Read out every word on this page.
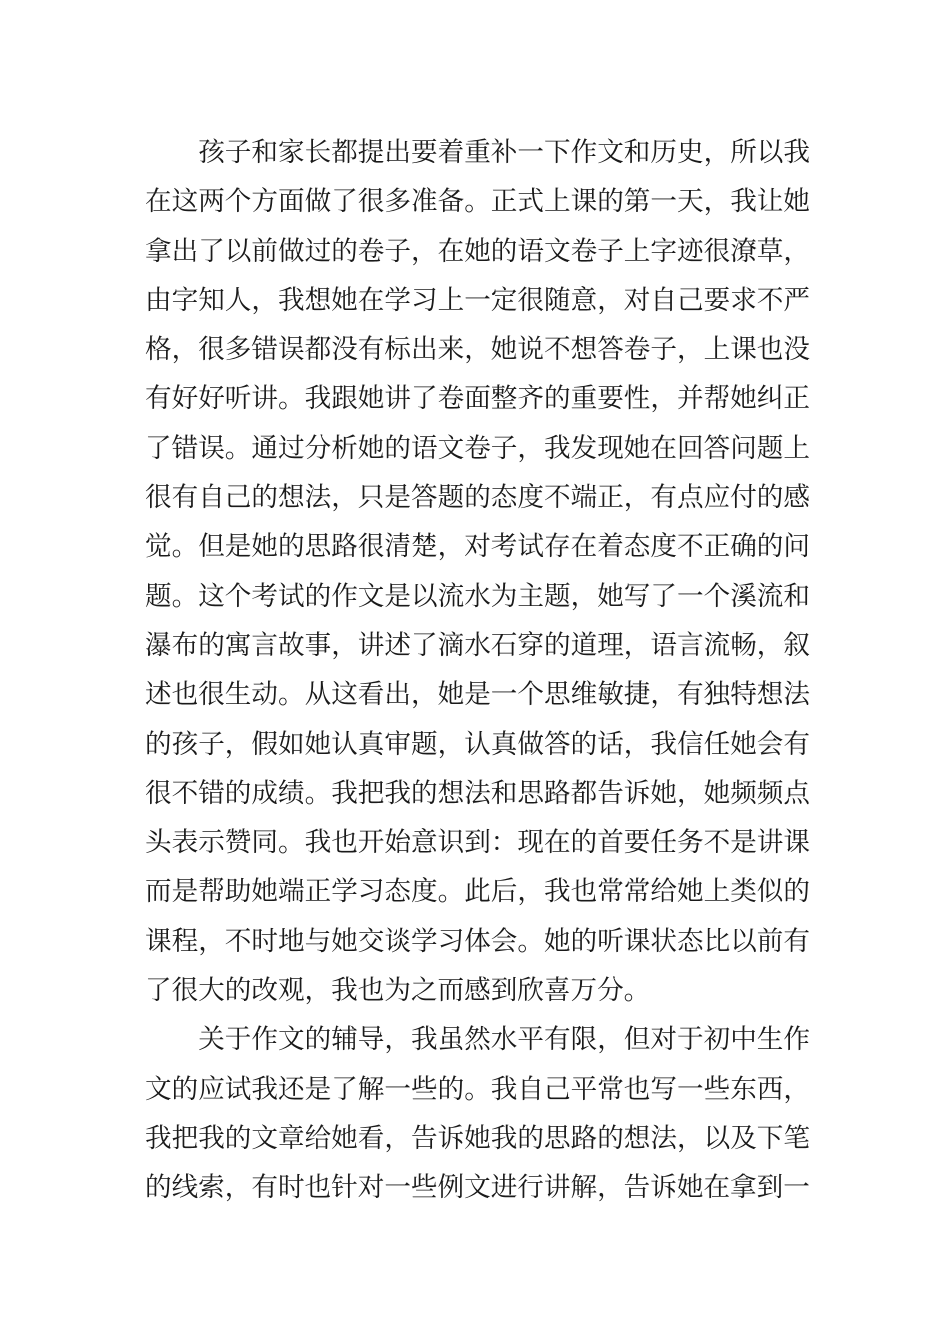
孩子和家长都提出要着重补一下作文和历史，所以我在这两个方面做了很多准备。正式上课的第一天，我让她拿出了以前做过的卷子，在她的语文卷子上字迹很潦草，由字知人，我想她在学习上一定很随意，对自己要求不严格，很多错误都没有标出来，她说不想答卷子，上课也没有好好听讲。我跟她讲了卷面整齐的重要性，并帮她纠正了错误。通过分析她的语文卷子，我发现她在回答问题上很有自己的想法，只是答题的态度不端正，有点应付的感觉。但是她的思路很清楚，对考试存在着态度不正确的问题。这个考试的作文是以流水为主题，她写了一个溪流和瀑布的寓言故事，讲述了滴水石穿的道理，语言流畅，叙述也很生动。从这看出，她是一个思维敏捷，有独特想法的孩子，假如她认真审题，认真做答的话，我信任她会有很不错的成绩。我把我的想法和思路都告诉她，她频频点头表示赞同。我也开始意识到：现在的首要任务不是讲课而是帮助她端正学习态度。此后，我也常常给她上类似的课程，不时地与她交谈学习体会。她的听课状态比以前有了很大的改观，我也为之而感到欣喜万分。

关于作文的辅导，我虽然水平有限，但对于初中生作文的应试我还是了解一些的。我自己平常也写一些东西，我把我的文章给她看，告诉她我的思路的想法，以及下笔的线索，有时也针对一些例文进行讲解，告诉她在拿到一
